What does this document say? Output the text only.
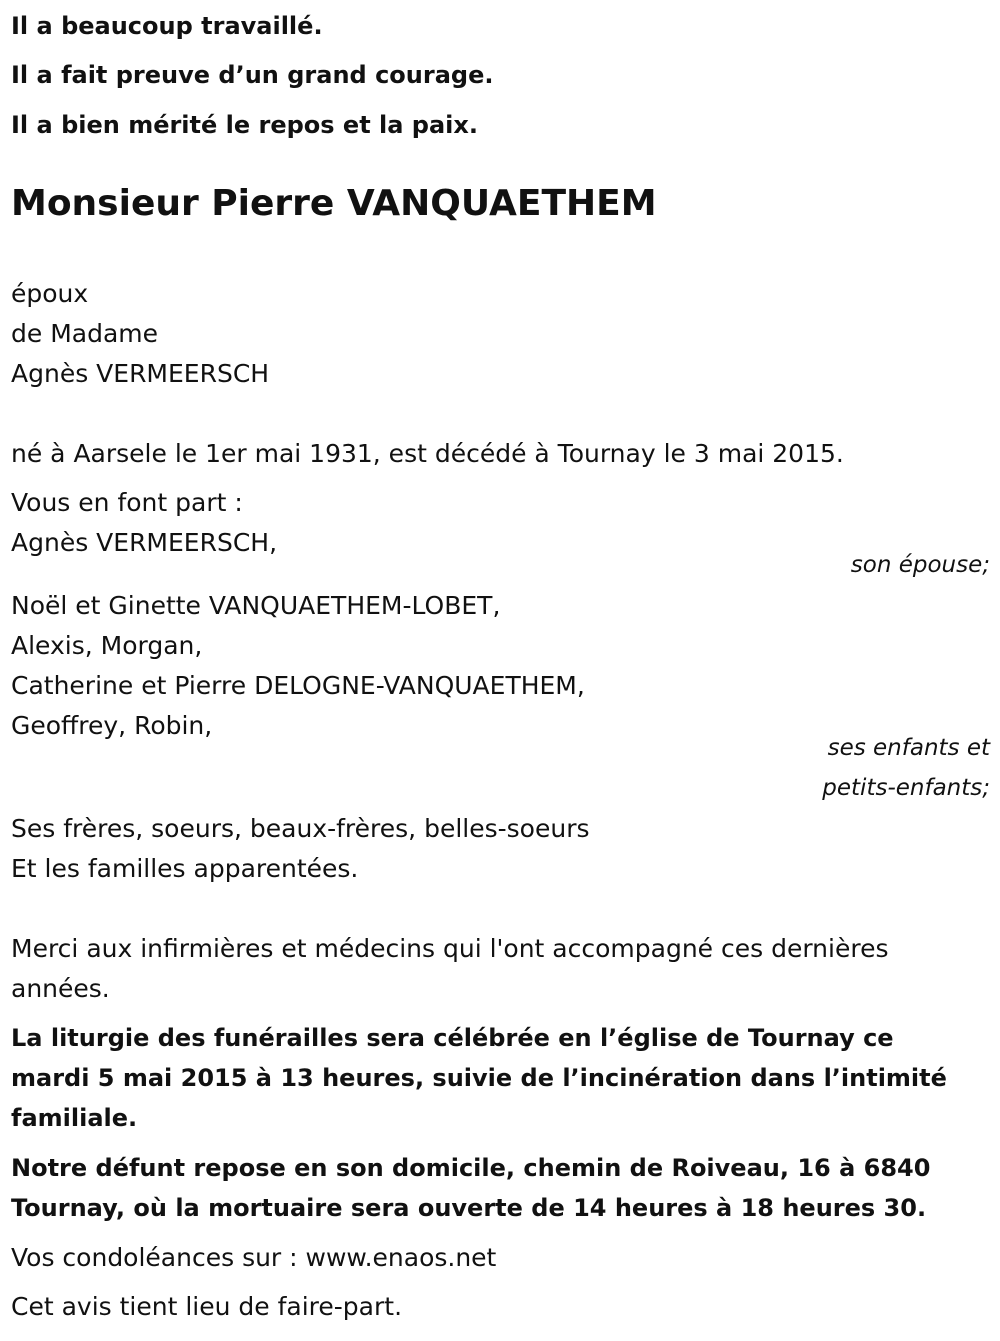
Il a beaucoup travaillé.

Il a fait preuve d’un grand courage.

Il a bien mérité le repos et la paix.

Monsieur Pierre VANQUAETHEM

époux

de Madame

Agnès VERMEERSCH

né à Aarsele le 1er mai 1931, est décédé à Tournay le 3 mai 2015.

Vous en font part :

Agnès VERMEERSCH,

son épouse;

Noël et Ginette VANQUAETHEM-LOBET,

Alexis, Morgan,

Catherine et Pierre DELOGNE-VANQUAETHEM,

Geoffrey, Robin,

ses enfants et

petits-enfants;

Ses frères, soeurs, beaux-frères, belles-soeurs

Et les familles apparentées.

Merci aux infirmières et médecins qui l'ont accompagné ces dernières

années.

La liturgie des funérailles sera célébrée en l’église de Tournay ce

mardi 5 mai 2015 à 13 heures, suivie de l’incinération dans l’intimité

familiale.

Notre défunt repose en son domicile, chemin de Roiveau, 16 à 6840

Tournay, où la mortuaire sera ouverte de 14 heures à 18 heures 30.

Vos condoléances sur : www.enaos.net

Cet avis tient lieu de faire-part.
